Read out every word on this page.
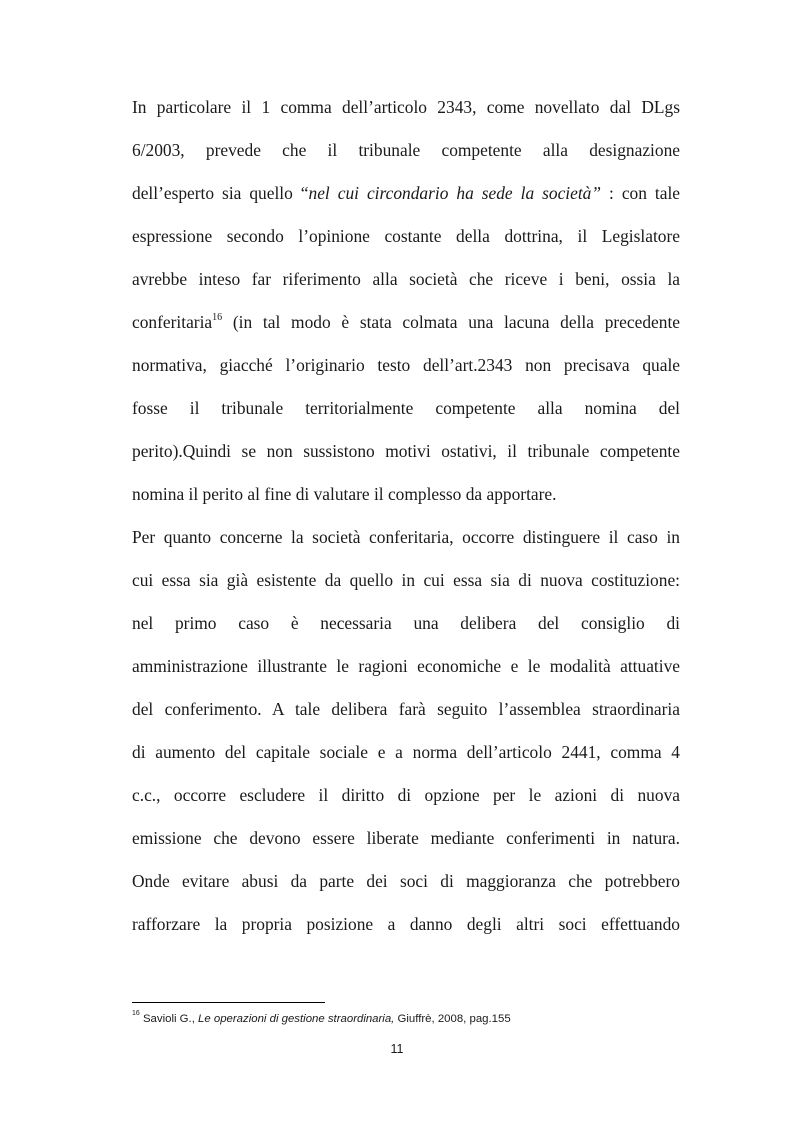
In particolare il 1 comma dell’articolo 2343, come novellato dal DLgs
6/2003, prevede che il tribunale competente alla designazione
dell’esperto sia quello “nel cui circondario ha sede la società” : con tale
espressione secondo l’opinione costante della dottrina, il Legislatore
avrebbe inteso far riferimento alla società che riceve i beni, ossia la
conferitaria$^{16}$ (in tal modo è stata colmata una lacuna della precedente
normativa, giacché l’originario testo dell’art.2343 non precisava quale
fosse il tribunale territorialmente competente alla nomina del
perito).Quindi se non sussistono motivi ostativi, il tribunale competente
nomina il perito al fine di valutare il complesso da apportare.
Per quanto concerne la società conferitaria, occorre distinguere il caso in
cui essa sia già esistente da quello in cui essa sia di nuova costituzione:
nel primo caso è necessaria una delibera del consiglio di
amministrazione illustrante le ragioni economiche e le modalità attuative
del conferimento. A tale delibera farà seguito l’assemblea straordinaria
di aumento del capitale sociale e a norma dell’articolo 2441, comma 4
c.c., occorre escludere il diritto di opzione per le azioni di nuova
emissione che devono essere liberate mediante conferimenti in natura.
Onde evitare abusi da parte dei soci di maggioranza che potrebbero
rafforzare la propria posizione a danno degli altri soci effettuando
$^{16}$ Savioli G., Le operazioni di gestione straordinaria, Giuffrè, 2008, pag.155
11
